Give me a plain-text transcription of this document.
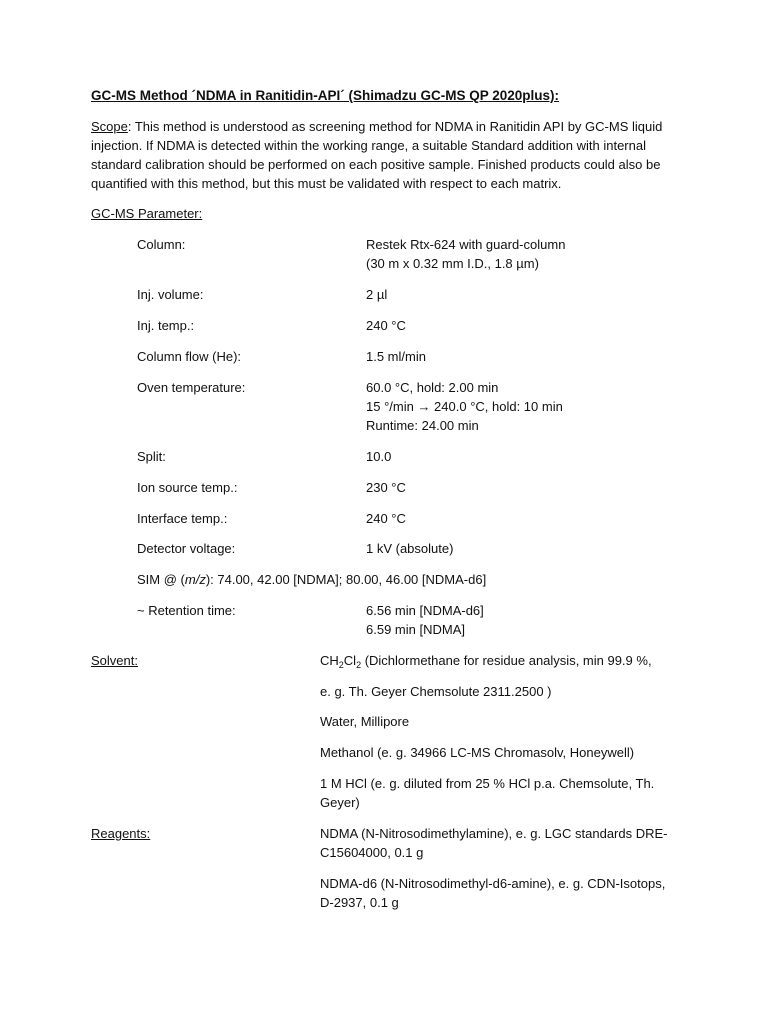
GC-MS Method ´NDMA in Ranitidin-API´ (Shimadzu GC-MS QP 2020plus):
Scope: This method is understood as screening method for NDMA in Ranitidin API by GC-MS liquid injection. If NDMA is detected within the working range, a suitable Standard addition with internal standard calibration should be performed on each positive sample. Finished products could also be quantified with this method, but this must be validated with respect to each matrix.
GC-MS Parameter:
Column:	Restek Rtx-624 with guard-column
(30 m x 0.32 mm I.D., 1.8 µm)
Inj. volume:	2 µl
Inj. temp.:	240 °C
Column flow (He):	1.5 ml/min
Oven temperature:	60.0 °C, hold: 2.00 min
15 °/min → 240.0 °C, hold: 10 min
Runtime: 24.00 min
Split:	10.0
Ion source temp.:	230 °C
Interface temp.:	240 °C
Detector voltage:	1 kV (absolute)
SIM @ (m/z): 74.00, 42.00 [NDMA]; 80.00, 46.00 [NDMA-d6]
~ Retention time:	6.56 min [NDMA-d6]
6.59 min [NDMA]
Solvent:	$CH_2Cl_2$ (Dichlormethane for residue analysis, min 99.9 %,
e. g. Th. Geyer Chemsolute 2311.2500 )
Water, Millipore
Methanol (e. g. 34966 LC-MS Chromasolv, Honeywell)
1 M HCl (e. g. diluted from 25 % HCl p.a. Chemsolute, Th. Geyer)
Reagents:	NDMA (N-Nitrosodimethylamine), e. g. LGC standards DRE-C15604000, 0.1 g
NDMA-d6 (N-Nitrosodimethyl-d6-amine), e. g. CDN-Isotops, D-2937, 0.1 g
